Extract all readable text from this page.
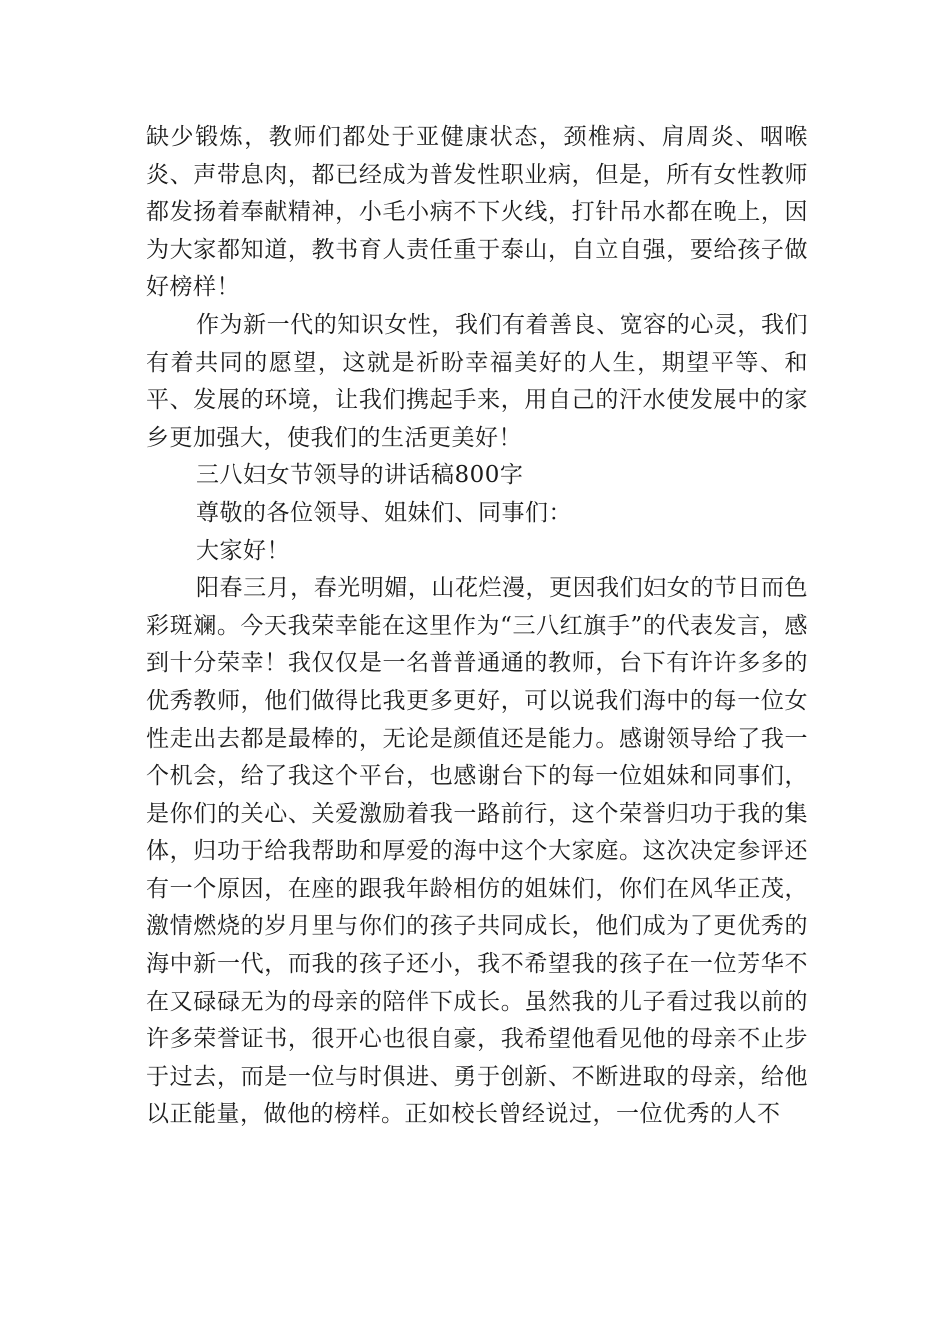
缺少锻炼，教师们都处于亚健康状态，颈椎病、肩周炎、咽喉炎、声带息肉，都已经成为普发性职业病，但是，所有女性教师都发扬着奉献精神，小毛小病不下火线，打针吊水都在晚上，因为大家都知道，教书育人责任重于泰山，自立自强，要给孩子做好榜样！

作为新一代的知识女性，我们有着善良、宽容的心灵，我们有着共同的愿望，这就是祈盼幸福美好的人生，期望平等、和平、发展的环境，让我们携起手来，用自己的汗水使发展中的家乡更加强大，使我们的生活更美好！

三八妇女节领导的讲话稿800字

尊敬的各位领导、姐妹们、同事们：

大家好！

阳春三月，春光明媚，山花烂漫，更因我们妇女的节日而色彩斑斓。今天我荣幸能在这里作为“三八红旗手”的代表发言，感到十分荣幸！我仅仅是一名普普通通的教师，台下有许许多多的优秀教师，他们做得比我更多更好，可以说我们海中的每一位女性走出去都是最棒的，无论是颜值还是能力。感谢领导给了我一个机会，给了我这个平台，也感谢台下的每一位姐妹和同事们，是你们的关心、关爱激励着我一路前行，这个荣誉归功于我的集体，归功于给我帮助和厚爱的海中这个大家庭。这次决定参评还有一个原因，在座的跟我年龄相仿的姐妹们，你们在风华正茂，激情燃烧的岁月里与你们的孩子共同成长，他们成为了更优秀的海中新一代，而我的孩子还小，我不希望我的孩子在一位芳华不在又碌碌无为的母亲的陪伴下成长。虽然我的儿子看过我以前的许多荣誉证书，很开心也很自豪，我希望他看见他的母亲不止步于过去，而是一位与时俱进、勇于创新、不断进取的母亲，给他以正能量，做他的榜样。正如校长曾经说过，一位优秀的人不
